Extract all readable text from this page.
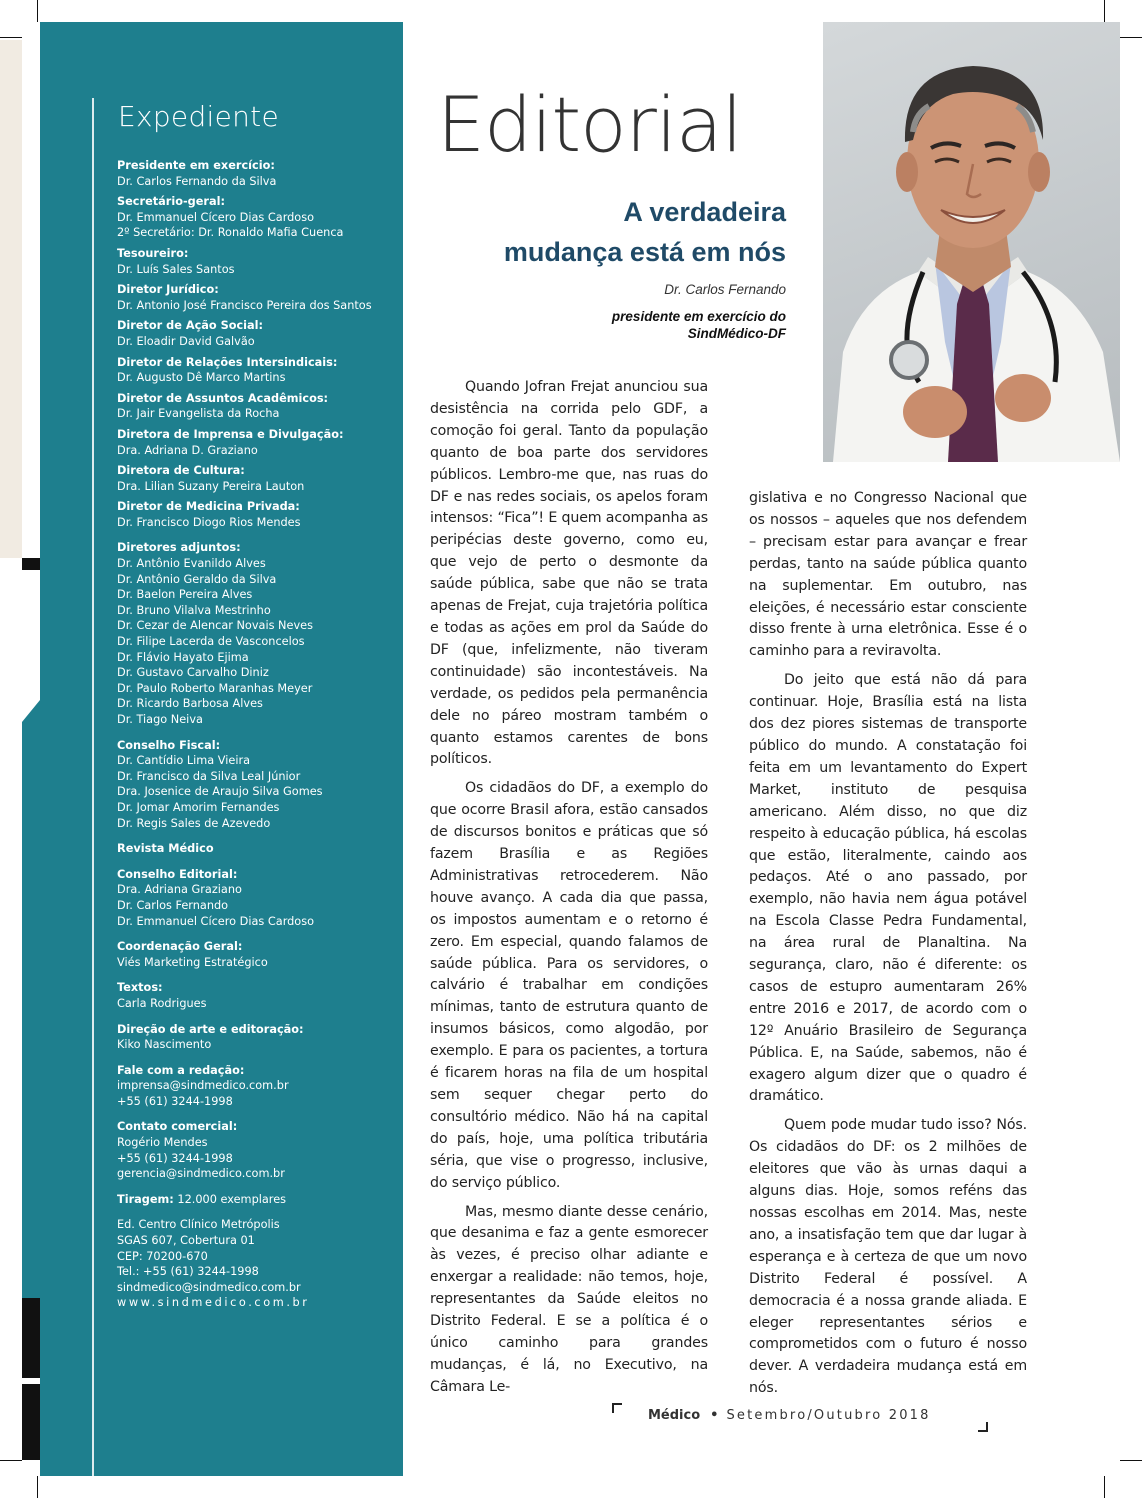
Expediente
Presidente em exercício:
Dr. Carlos Fernando da Silva
Secretário-geral:
Dr. Emmanuel Cícero Dias Cardoso
2º Secretário: Dr. Ronaldo Mafia Cuenca
Tesoureiro:
Dr. Luís Sales Santos
Diretor Jurídico:
Dr. Antonio José Francisco Pereira dos Santos
Diretor de Ação Social:
Dr. Eloadir David Galvão
Diretor de Relações Intersindicais:
Dr. Augusto Dê Marco Martins
Diretor de Assuntos Acadêmicos:
Dr. Jair Evangelista da Rocha
Diretora de Imprensa e Divulgação:
Dra. Adriana D. Graziano
Diretora de Cultura:
Dra. Lilian Suzany Pereira Lauton
Diretor de Medicina Privada:
Dr. Francisco Diogo Rios Mendes
Diretores adjuntos:
Dr. Antônio Evanildo Alves
Dr. Antônio Geraldo da Silva
Dr. Baelon Pereira Alves
Dr. Bruno Vilalva Mestrinho
Dr. Cezar de Alencar Novais Neves
Dr. Filipe Lacerda de Vasconcelos
Dr. Flávio Hayato Ejima
Dr. Gustavo Carvalho Diniz
Dr. Paulo Roberto Maranhas Meyer
Dr. Ricardo Barbosa Alves
Dr. Tiago Neiva
Conselho Fiscal:
Dr. Cantídio Lima Vieira
Dr. Francisco da Silva Leal Júnior
Dra. Josenice de Araujo Silva Gomes
Dr. Jomar Amorim Fernandes
Dr. Regis Sales de Azevedo
Revista Médico
Conselho Editorial:
Dra. Adriana Graziano
Dr. Carlos Fernando
Dr. Emmanuel Cícero Dias Cardoso
Coordenação Geral:
Viés Marketing Estratégico
Textos:
Carla Rodrigues
Direção de arte e editoração:
Kiko Nascimento
Fale com a redação:
imprensa@sindmedico.com.br
+55 (61) 3244-1998
Contato comercial:
Rogério Mendes
+55 (61) 3244-1998
gerencia@sindmedico.com.br
Tiragem: 12.000 exemplares
Ed. Centro Clínico Metrópolis
SGAS 607, Cobertura 01
CEP: 70200-670
Tel.: +55 (61) 3244-1998
sindmedico@sindmedico.com.br
www.sindmedico.com.br
Editorial
A verdadeira
mudança está em nós
Dr. Carlos Fernando
presidente em exercício do
SindMédico-DF

Quando Jofran Frejat anunciou sua desistência na corrida pelo GDF, a comoção foi geral. Tanto da população quanto de boa parte dos servidores públicos. Lembro-me que, nas ruas do DF e nas redes sociais, os apelos foram intensos: “Fica”! E quem acompanha as peripécias deste governo, como eu, que vejo de perto o desmonte da saúde pública, sabe que não se trata apenas de Frejat, cuja trajetória política e todas as ações em prol da Saúde do DF (que, infelizmente, não tiveram continuidade) são incontestáveis. Na verdade, os pedidos pela permanência dele no páreo mostram também o quanto estamos carentes de bons políticos.

Os cidadãos do DF, a exemplo do que ocorre Brasil afora, estão cansados de discursos bonitos e práticas que só fazem Brasília e as Regiões Administrativas retrocederem. Não houve avanço. A cada dia que passa, os impostos aumentam e o retorno é zero. Em especial, quando falamos de saúde pública. Para os servidores, o calvário é trabalhar em condições mínimas, tanto de estrutura quanto de insumos básicos, como algodão, por exemplo. E para os pacientes, a tortura é ficarem horas na fila de um hospital sem sequer chegar perto do consultório médico. Não há na capital do país, hoje, uma política tributária séria, que vise o progresso, inclusive, do serviço público.

Mas, mesmo diante desse cenário, que desanima e faz a gente esmorecer às vezes, é preciso olhar adiante e enxergar a realidade: não temos, hoje, representantes da Saúde eleitos no Distrito Federal. E se a política é o único caminho para grandes mudanças, é lá, no Executivo, na Câmara Le-

gislativa e no Congresso Nacional que os nossos – aqueles que nos defendem – precisam estar para avançar e frear perdas, tanto na saúde pública quanto na suplementar. Em outubro, nas eleições, é necessário estar consciente disso frente à urna eletrônica. Esse é o caminho para a reviravolta.

Do jeito que está não dá para continuar. Hoje, Brasília está na lista dos dez piores sistemas de transporte público do mundo. A constatação foi feita em um levantamento do Expert Market, instituto de pesquisa americano. Além disso, no que diz respeito à educação pública, há escolas que estão, literalmente, caindo aos pedaços. Até o ano passado, por exemplo, não havia nem água potável na Escola Classe Pedra Fundamental, na área rural de Planaltina. Na segurança, claro, não é diferente: os casos de estupro aumentaram 26% entre 2016 e 2017, de acordo com o 12º Anuário Brasileiro de Segurança Pública. E, na Saúde, sabemos, não é exagero algum dizer que o quadro é dramático.

Quem pode mudar tudo isso? Nós. Os cidadãos do DF: os 2 milhões de eleitores que vão às urnas daqui a alguns dias. Hoje, somos reféns das nossas escolhas em 2014. Mas, neste ano, a insatisfação tem que dar lugar à esperança e à certeza de que um novo Distrito Federal é possível. A democracia é a nossa grande aliada. E eleger representantes sérios e comprometidos com o futuro é nosso dever. A verdadeira mudança está em nós.

Médico • Setembro/Outubro 2018
